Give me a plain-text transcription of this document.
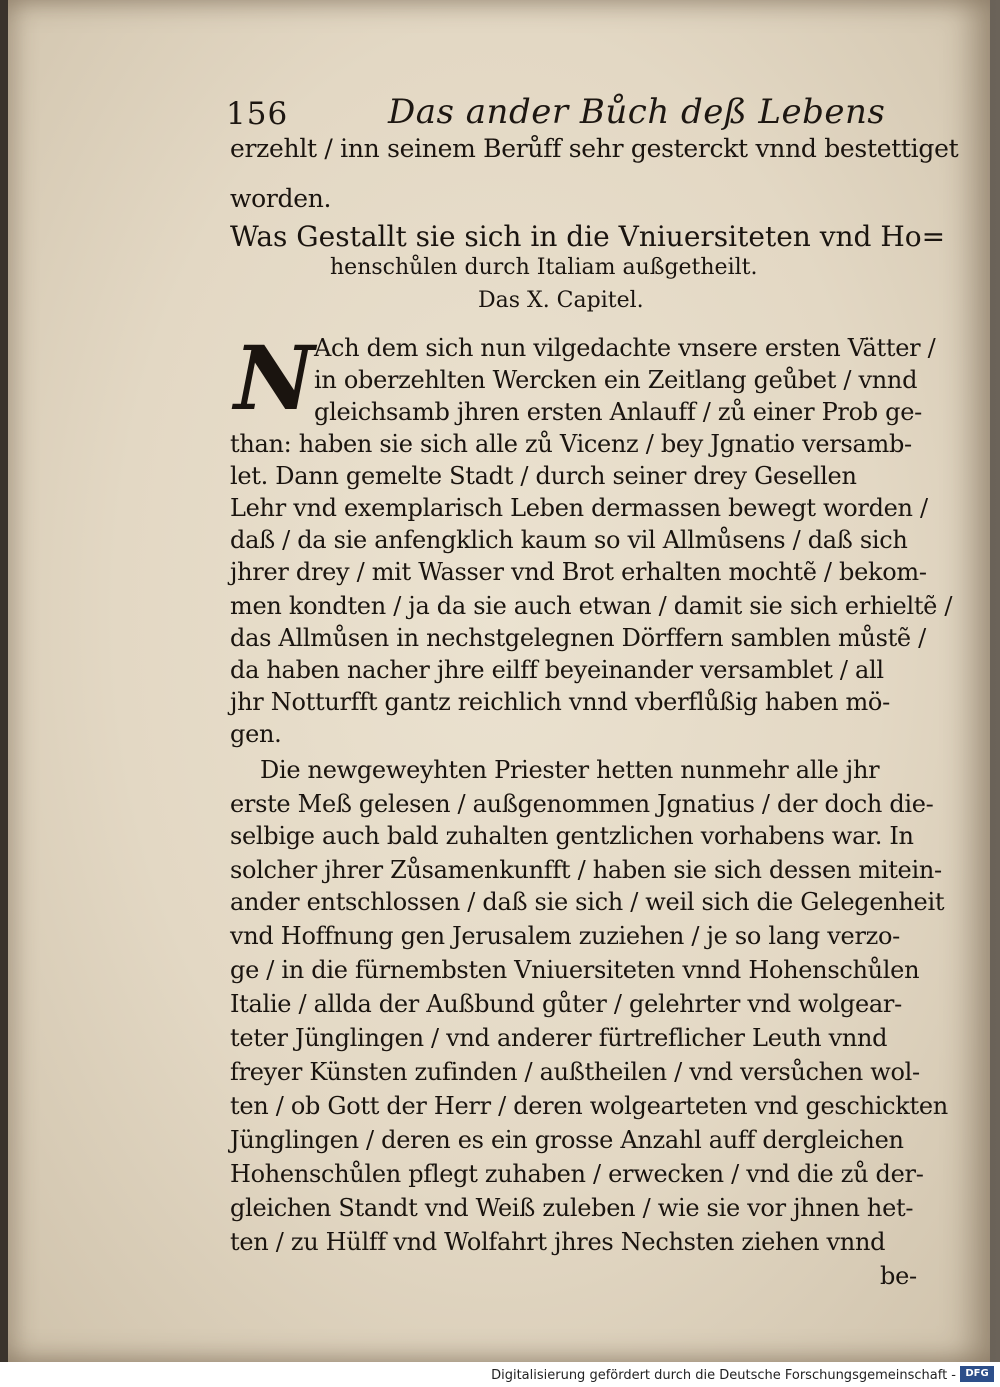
156	Das ander Bůch deß Lebens
erzehlt / inn seinem Berůff sehr gesterckt vnnd bestettiget
worden.
Was Gestallt sie sich in die Vniuersiteten vnd Ho=
henschůlen durch Italiam außgetheilt.
Das X. Capitel.
N Ach dem sich nun vilgedachte vnsere ersten Vätter /
in oberzehlten Wercken ein Zeitlang geůbet / vnnd
gleichsamb jhren ersten Anlauff / zů einer Prob ge-
than: haben sie sich alle zů Vicenz / bey Jgnatio versamb-
let. Dann gemelte Stadt / durch seiner drey Gesellen
Lehr vnd exemplarisch Leben dermassen bewegt worden /
daß / da sie anfengklich kaum so vil Allmůsens / daß sich
jhrer drey / mit Wasser vnd Brot erhalten mochtẽ / bekom-
men kondten / ja da sie auch etwan / damit sie sich erhieltẽ /
das Allmůsen in nechstgelegnen Dörffern samblen můstẽ /
da haben nacher jhre eilff beyeinander versamblet / all
jhr Notturfft gantz reichlich vnnd vberflůßig haben mö-
gen.
Die newgeweyhten Priester hetten nunmehr alle jhr
erste Meß gelesen / außgenommen Jgnatius / der doch die-
selbige auch bald zuhalten gentzlichen vorhabens war. In
solcher jhrer Zůsamenkunfft / haben sie sich dessen mitein-
ander entschlossen / daß sie sich / weil sich die Gelegenheit
vnd Hoffnung gen Jerusalem zuziehen / je so lang verzo-
ge / in die fürnembsten Vniuersiteten vnnd Hohenschůlen
Italie / allda der Außbund gůter / gelehrter vnd wolgear-
teter Jünglingen / vnd anderer fürtreflicher Leuth vnnd
freyer Künsten zufinden / außtheilen / vnd versůchen wol-
ten / ob Gott der Herr / deren wolgearteten vnd geschickten
Jünglingen / deren es ein grosse Anzahl auff dergleichen
Hohenschůlen pflegt zuhaben / erwecken / vnd die zů der-
gleichen Standt vnd Weiß zuleben / wie sie vor jhnen het-
ten / zu Hülff vnd Wolfahrt jhres Nechsten ziehen vnnd
be-
Digitalisierung gefördert durch die Deutsche Forschungsgemeinschaft - DFG
